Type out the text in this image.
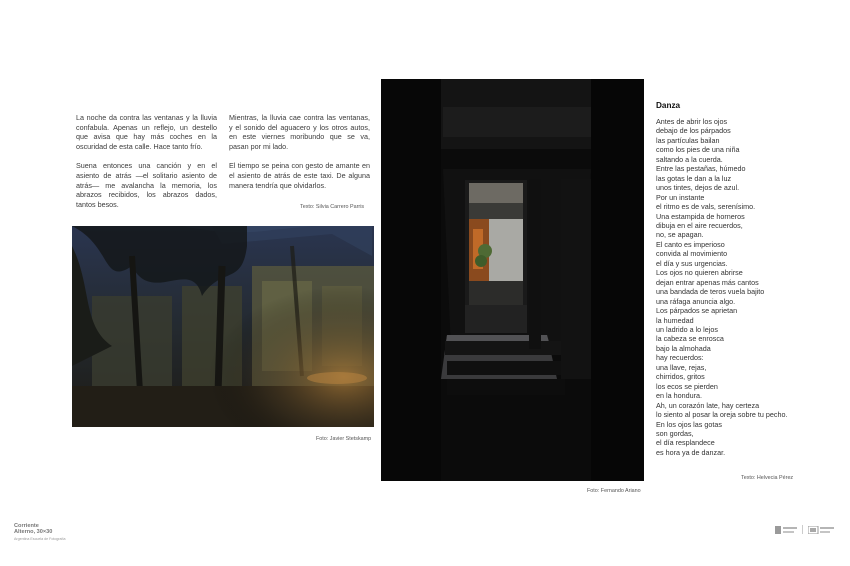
La noche da contra las ventanas y la lluvia confabula. Apenas un reflejo, un destello que avisa que hay más coches en la oscuridad de esta calle. Hace tanto frío.

Suena entonces una canción y en el asiento de atrás —el solitario asiento de atrás— me avalancha la memoria, los abrazos recibidos, los abrazos dados, tantos besos.

Mientras, la lluvia cae contra las ventanas, y el sonido del aguacero y los otros autos, en este viernes moribundo que se va, pasan por mi lado.

El tiempo se peina con gesto de amante en el asiento de atrás de este taxi. De alguna manera tendría que olvidarlos.

Texto: Silvia Carrero Parris
Foto: Javier Stetskamp
Foto: Fernando Ariano
Danza
Antes de abrir los ojos
debajo de los párpados
las partículas bailan
como los pies de una niña
saltando a la cuerda.
Entre las pestañas, húmedo
las gotas le dan a la luz
unos tintes, dejos de azul.
Por un instante
el ritmo es de vals, serenísimo.
Una estampida de horneros
dibuja en el aire recuerdos,
no, se apagan.
El canto es imperioso
convida al movimiento
el día y sus urgencias.
Los ojos no quieren abrirse
dejan entrar apenas más cantos
una bandada de teros vuela bajito
una ráfaga anuncia algo.
Los párpados se aprietan
la humedad
un ladrido a lo lejos
la cabeza se enrosca
bajo la almohada
hay recuerdos:
una llave, rejas,
chirridos, gritos
los ecos se pierden
en la hondura.
Ah, un corazón late, hay certeza
lo siento al posar la oreja sobre tu pecho.
En los ojos las gotas
son gordas,
el día resplandece
es hora ya de danzar.
Texto: Helvecia Pérez
Corriente
Alterno, 30×30
Argentina Escuela de Fotografía
